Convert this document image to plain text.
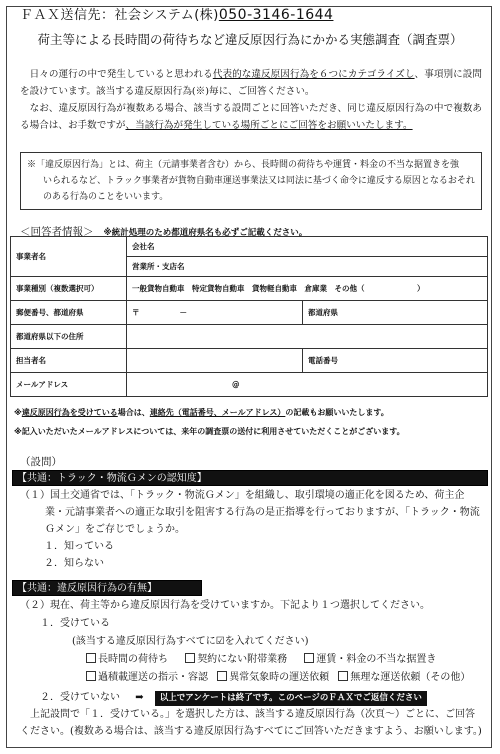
ＦＡＸ送信先：社会システム(株)050-3146-1644
荷主等による長時間の荷待ちなど違反原因行為にかかる実態調査（調査票）

日々の運行の中で発生していると思われる代表的な違反原因行為を６つにカテゴライズし、事項別に設問を設けています。該当する違反原因行為(※)毎に、ご回答ください。

なお、違反原因行為が複数ある場合、該当する設問ごとに回答いただき、同じ違反原因行為の中で複数ある場合は、お手数ですが、当該行為が発生している場所ごとにご回答をお願いいたします。

※「違反原因行為」とは、荷主（元請事業者含む）から、長時間の荷待ちや運賃・料金の不当な据置きを強
いられるなど、トラック事業者が貨物自動車運送事業法又は同法に基づく命令に違反する原因となるおそれのある行為のことをいいます。
＜回答者情報＞ ※統計処理のため都道府県名も必ずご記載ください。
事業者名	会社名	
	営業所・支店名	
事業種別（複数選択可）	一般貨物自動車　特定貨物自動車　貨物軽自動車　倉庫業　その他（　　　　　　　）	
郵便番号、都道府県	〒 －	都道府県
都道府県以下の住所		
担当者名		電話番号
メールアドレス	@	
※違反原因行為を受けている場合は、連絡先（電話番号、メールアドレス）の記載もお願いいたします。
※記入いただいたメールアドレスについては、来年の調査票の送付に利用させていただくことがございます。
（設問）
【共通：トラック・物流Ｇメンの認知度】
（１）国土交通省では、「トラック・物流Ｇメン」を組織し、取引環境の適正化を図るため、荷主企業・元請事業者への適正な取引を阻害する行為の是正指導を行っておりますが、「トラック・物流Ｇメン」をご存じでしょうか。
１．知っている
２．知らない
【共通：違反原因行為の有無】
（２）現在、荷主等から違反原因行為を受けていますか。下記より１つ選択してください。
１．受けている
(該当する違反原因行為すべてに☑を入れてください)
長時間の荷待ち	契約にない附帯業務	運賃・料金の不当な据置き
過積載運送の指示・容認 異常気象時の運送依頼 無理な運送依頼（その他）
２．受けていない ➡ 以上でアンケートは終了です。このページのＦＡＸでご返信ください
上記設問で「１．受けている。」を選択した方は、該当する違反原因行為（次頁～）ごとに、ご回答ください。(複数ある場合は、該当する違反原因行為すべてにご回答いただきますよう、お願いします。)
